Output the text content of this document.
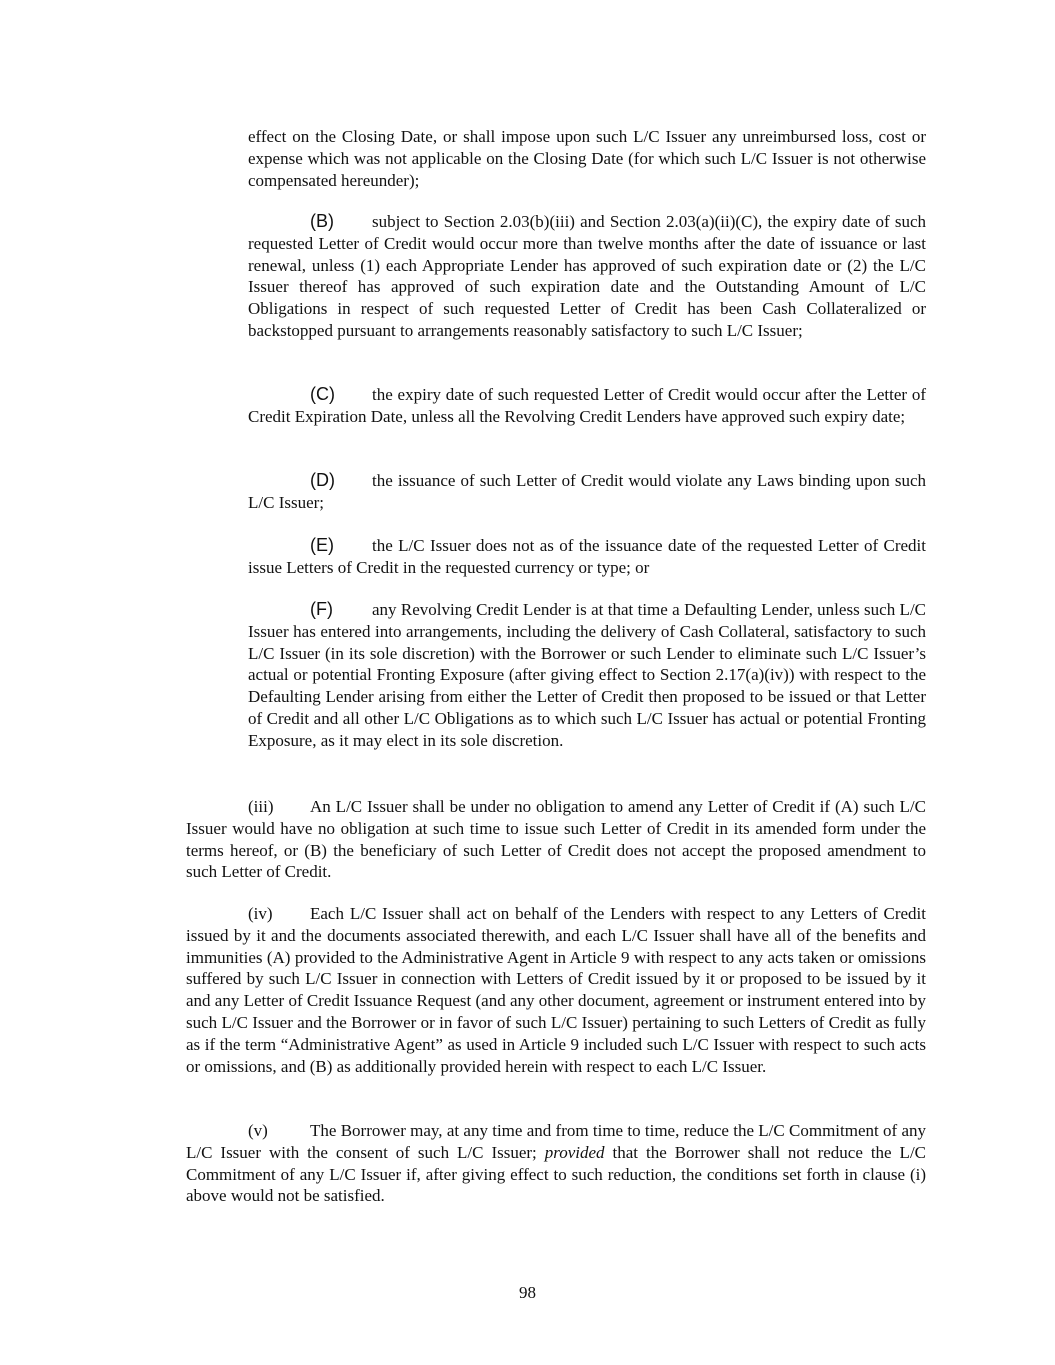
effect on the Closing Date, or shall impose upon such L/C Issuer any unreimbursed loss, cost or expense which was not applicable on the Closing Date (for which such L/C Issuer is not otherwise compensated hereunder);

(B) subject to Section 2.03(b)(iii) and Section 2.03(a)(ii)(C), the expiry date of such requested Letter of Credit would occur more than twelve months after the date of issuance or last renewal, unless (1) each Appropriate Lender has approved of such expiration date or (2) the L/C Issuer thereof has approved of such expiration date and the Outstanding Amount of L/C Obligations in respect of such requested Letter of Credit has been Cash Collateralized or backstopped pursuant to arrangements reasonably satisfactory to such L/C Issuer;

(C) the expiry date of such requested Letter of Credit would occur after the Letter of Credit Expiration Date, unless all the Revolving Credit Lenders have approved such expiry date;

(D) the issuance of such Letter of Credit would violate any Laws binding upon such L/C Issuer;

(E) the L/C Issuer does not as of the issuance date of the requested Letter of Credit issue Letters of Credit in the requested currency or type; or

(F) any Revolving Credit Lender is at that time a Defaulting Lender, unless such L/C Issuer has entered into arrangements, including the delivery of Cash Collateral, satisfactory to such L/C Issuer (in its sole discretion) with the Borrower or such Lender to eliminate such L/C Issuer’s actual or potential Fronting Exposure (after giving effect to Section 2.17(a)(iv)) with respect to the Defaulting Lender arising from either the Letter of Credit then proposed to be issued or that Letter of Credit and all other L/C Obligations as to which such L/C Issuer has actual or potential Fronting Exposure, as it may elect in its sole discretion.

(iii) An L/C Issuer shall be under no obligation to amend any Letter of Credit if (A) such L/C Issuer would have no obligation at such time to issue such Letter of Credit in its amended form under the terms hereof, or (B) the beneficiary of such Letter of Credit does not accept the proposed amendment to such Letter of Credit.

(iv) Each L/C Issuer shall act on behalf of the Lenders with respect to any Letters of Credit issued by it and the documents associated therewith, and each L/C Issuer shall have all of the benefits and immunities (A) provided to the Administrative Agent in Article 9 with respect to any acts taken or omissions suffered by such L/C Issuer in connection with Letters of Credit issued by it or proposed to be issued by it and any Letter of Credit Issuance Request (and any other document, agreement or instrument entered into by such L/C Issuer and the Borrower or in favor of such L/C Issuer) pertaining to such Letters of Credit as fully as if the term “Administrative Agent” as used in Article 9 included such L/C Issuer with respect to such acts or omissions, and (B) as additionally provided herein with respect to each L/C Issuer.

(v) The Borrower may, at any time and from time to time, reduce the L/C Commitment of any L/C Issuer with the consent of such L/C Issuer; provided that the Borrower shall not reduce the L/C Commitment of any L/C Issuer if, after giving effect to such reduction, the conditions set forth in clause (i) above would not be satisfied.

98
